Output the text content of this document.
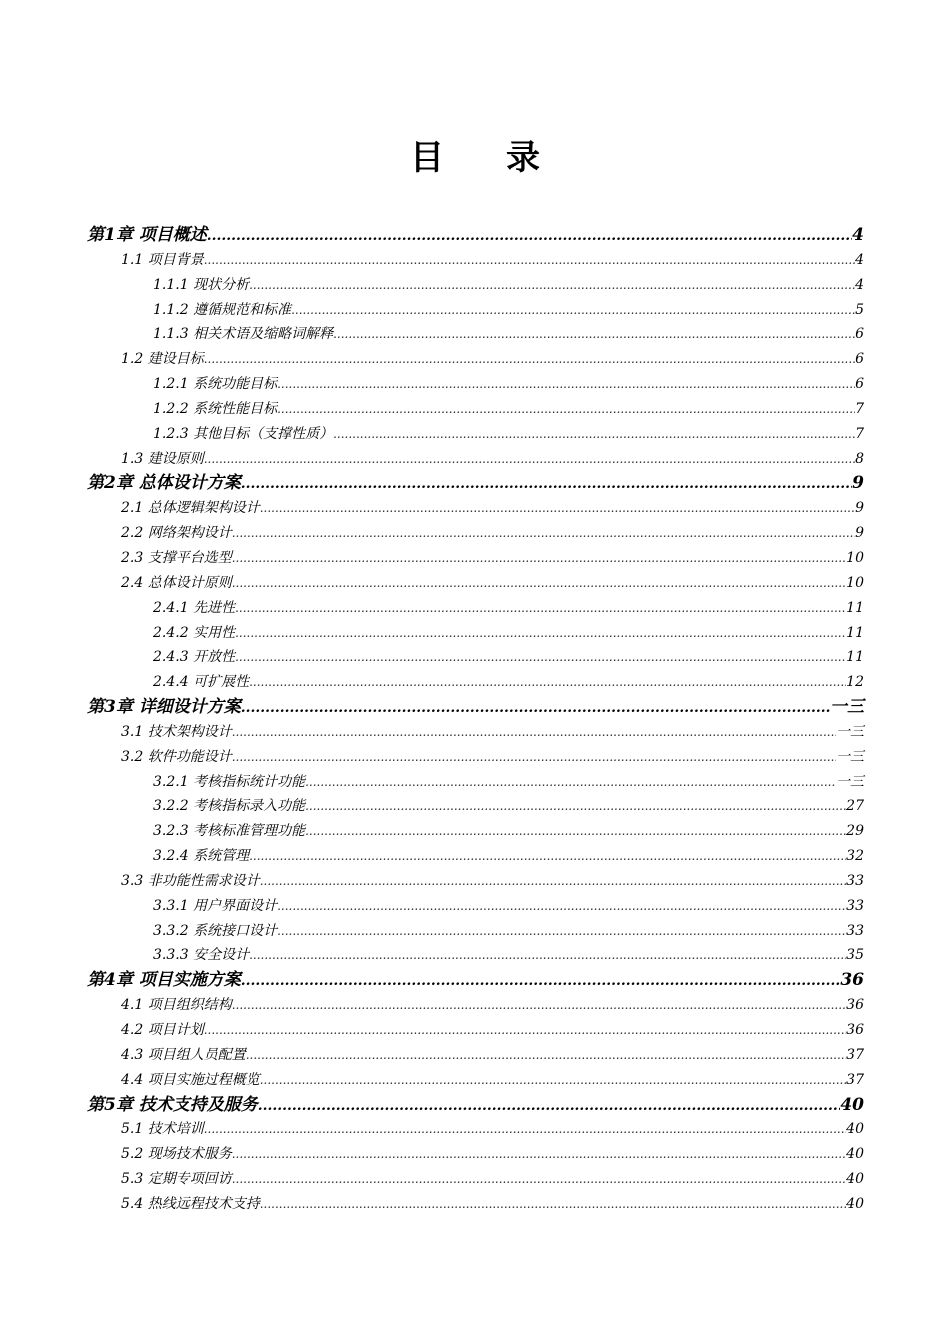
目 录
第1章 项目概述 .....	4
1.1 项目背景 .....	4
1.1.1 现状分析 .....	4
1.1.2 遵循规范和标准 .....	5
1.1.3 相关术语及缩略词解释 .....	6
1.2 建设目标 .....	6
1.2.1 系统功能目标 .....	6
1.2.2 系统性能目标 .....	7
1.2.3 其他目标（支撑性质） .....	7
1.3 建设原则 .....	8
第2章 总体设计方案 .....	9
2.1 总体逻辑架构设计 .....	9
2.2 网络架构设计 .....	9
2.3 支撑平台选型 .....	10
2.4 总体设计原则 .....	10
2.4.1 先进性 .....	11
2.4.2 实用性 .....	11
2.4.3 开放性 .....	11
2.4.4 可扩展性 .....	12
第3章 详细设计方案 .....	一三
3.1 技术架构设计 .....	一三
3.2 软件功能设计 .....	一三
3.2.1 考核指标统计功能 .....	一三
3.2.2 考核指标录入功能 .....	27
3.2.3 考核标准管理功能 .....	29
3.2.4 系统管理 .....	32
3.3 非功能性需求设计 .....	33
3.3.1 用户界面设计 .....	33
3.3.2 系统接口设计 .....	33
3.3.3 安全设计 .....	35
第4章 项目实施方案 .....	36
4.1 项目组织结构 .....	36
4.2 项目计划 .....	36
4.3 项目组人员配置 .....	37
4.4 项目实施过程概览 .....	37
第5章 技术支持及服务 .....	40
5.1 技术培训 .....	40
5.2 现场技术服务 .....	40
5.3 定期专项回访 .....	40
5.4 热线远程技术支持 .....	40
